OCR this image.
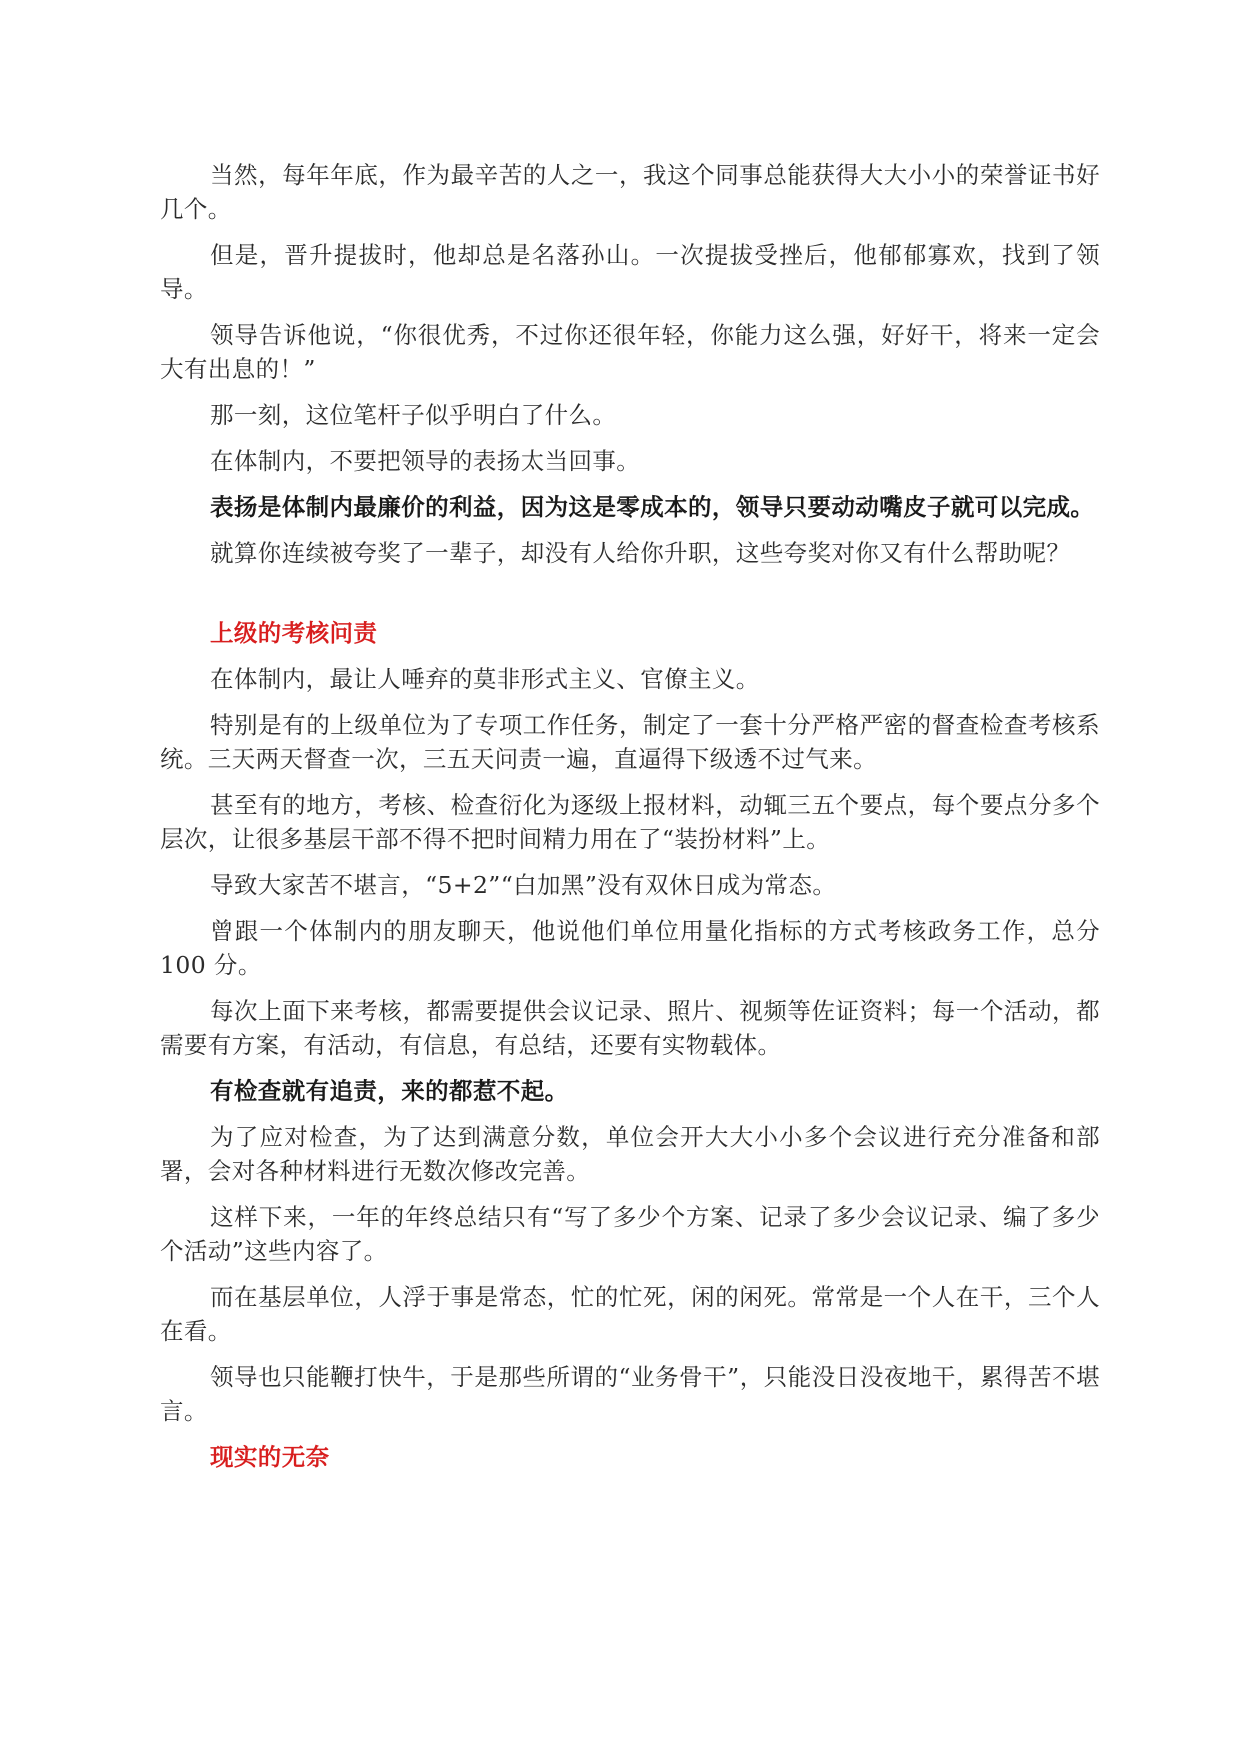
当然，每年年底，作为最辛苦的人之一，我这个同事总能获得大大小小的荣誉证书好几个。

但是，晋升提拔时，他却总是名落孙山。一次提拔受挫后，他郁郁寡欢，找到了领导。

领导告诉他说，“你很优秀，不过你还很年轻，你能力这么强，好好干，将来一定会大有出息的！”

那一刻，这位笔杆子似乎明白了什么。

在体制内，不要把领导的表扬太当回事。

表扬是体制内最廉价的利益，因为这是零成本的，领导只要动动嘴皮子就可以完成。

就算你连续被夸奖了一辈子，却没有人给你升职，这些夸奖对你又有什么帮助呢？

上级的考核问责

在体制内，最让人唾弃的莫非形式主义、官僚主义。

特别是有的上级单位为了专项工作任务，制定了一套十分严格严密的督查检查考核系统。三天两天督查一次，三五天问责一遍，直逼得下级透不过气来。

甚至有的地方，考核、检查衍化为逐级上报材料，动辄三五个要点，每个要点分多个层次，让很多基层干部不得不把时间精力用在了“装扮材料”上。

导致大家苦不堪言，“5+2”“白加黑”没有双休日成为常态。

曾跟一个体制内的朋友聊天，他说他们单位用量化指标的方式考核政务工作，总分 100 分。

每次上面下来考核，都需要提供会议记录、照片、视频等佐证资料；每一个活动，都需要有方案，有活动，有信息，有总结，还要有实物载体。

有检查就有追责，来的都惹不起。

为了应对检查，为了达到满意分数，单位会开大大小小多个会议进行充分准备和部署，会对各种材料进行无数次修改完善。

这样下来，一年的年终总结只有“写了多少个方案、记录了多少会议记录、编了多少个活动”这些内容了。

而在基层单位，人浮于事是常态，忙的忙死，闲的闲死。常常是一个人在干，三个人在看。

领导也只能鞭打快牛，于是那些所谓的“业务骨干”，只能没日没夜地干，累得苦不堪言。

现实的无奈
